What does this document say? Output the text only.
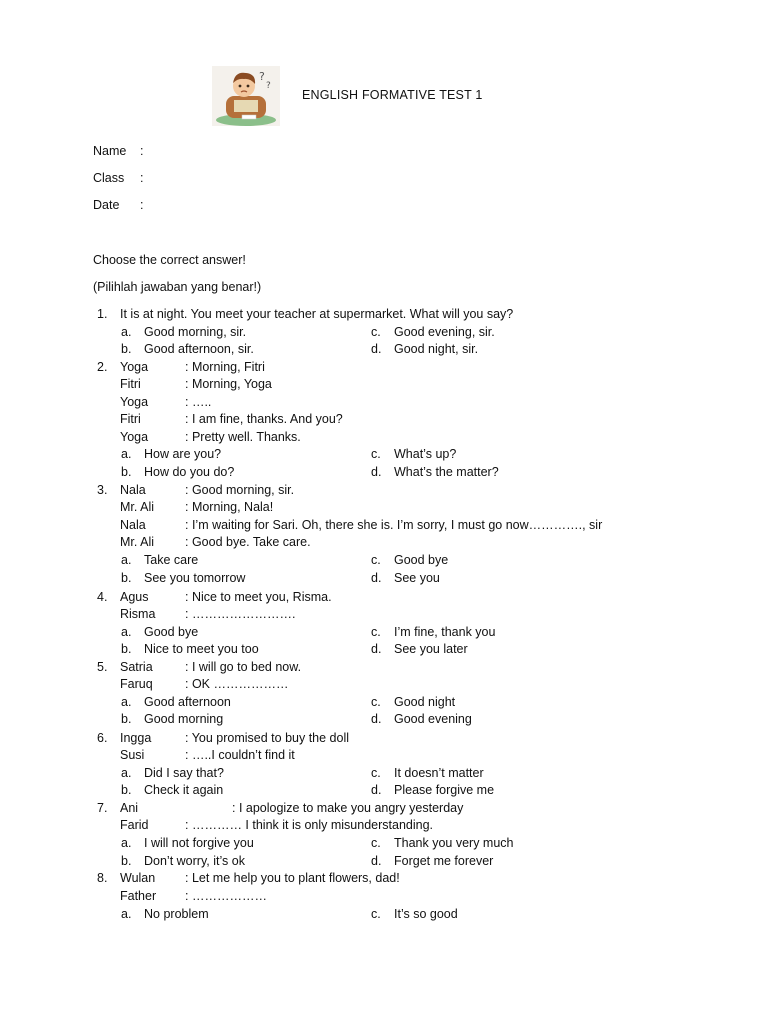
?
?
ENGLISH FORMATIVE TEST 1
Name :
Class :
Date :
Choose the correct answer!
(Pilihlah jawaban yang benar!)
1. It is at night. You meet your teacher at supermarket. What will you say?
a. Good morning, sir.	c. Good evening, sir.
b. Good afternoon, sir.	d. Good night, sir.
2. Yoga	: Morning, Fitri
Fitri	: Morning, Yoga
Yoga	: …..
Fitri	: I am fine, thanks. And you?
Yoga	: Pretty well. Thanks.
a. How are you?	c. What’s up?
b. How do you do?	d. What’s the matter?
3. Nala	: Good morning, sir.
Mr. Ali : Morning, Nala!
Nala	: I’m waiting for Sari. Oh, there she is. I’m sorry, I must go now…………., sir
Mr. Ali : Good bye. Take care.
a. Take care	c. Good bye
b. See you tomorrow	d. See you
4. Agus	: Nice to meet you, Risma.
Risma : …………………….
a. Good bye	c. I’m fine, thank you
b. Nice to meet you too	d. See you later
5. Satria	: I will go to bed now.
Faruq	: OK ………………
a. Good afternoon	c. Good night
b. Good morning	d. Good evening
6. Ingga	: You promised to buy the doll
Susi	: …..I couldn’t find it
a. Did I say that?	c. It doesn’t matter
b. Check it again	d. Please forgive me
7. Ani	: I apologize to make you angry yesterday
Farid	: ………… I think it is only misunderstanding.
a. I will not forgive you	c. Thank you very much
b. Don’t worry, it’s ok	d. Forget me forever
8. Wulan : Let me help you to plant flowers, dad!
Father : ………………
a. No problem	c. It’s so good
